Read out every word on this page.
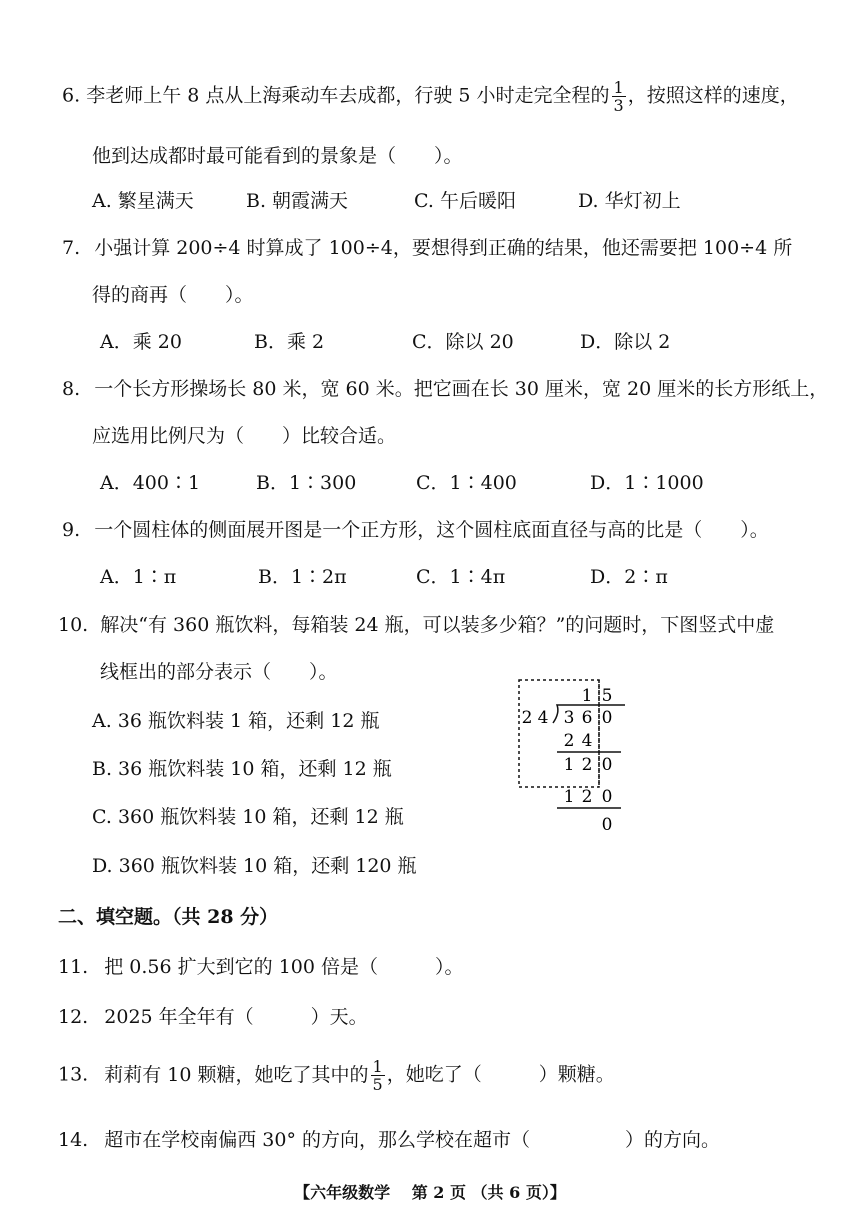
6. 李老师上午 8 点从上海乘动车去成都，行驶 5 小时走完全程的 $\frac{1}{3}$ ，按照这样的速度，
他到达成都时最可能看到的景象是（　　）。
A. 繁星满天	B. 朝霞满天	C. 午后暖阳	D. 华灯初上
7. 小强计算 200÷4 时算成了 100÷4，要想得到正确的结果，他还需要把 100÷4 所
得的商再（　　）。
A．乘 20	B．乘 2	C．除以 20	D．除以 2
8. 一个长方形操场长 80 米，宽 60 米。把它画在长 30 厘米，宽 20 厘米的长方形纸上，
应选用比例尺为（　　）比较合适。
A．400∶1	B．1∶300	C．1∶400	D．1∶1000
9. 一个圆柱体的侧面展开图是一个正方形，这个圆柱底面直径与高的比是（　　）。
A．1∶π	B．1∶2π	C．1∶4π	D．2∶π
10. 解决“有 360 瓶饮料，每箱装 24 瓶，可以装多少箱？”的问题时，下图竖式中虚
线框出的部分表示（　　）。
A. 36 瓶饮料装 1 箱，还剩 12 瓶
B. 36 瓶饮料装 10 箱，还剩 12 瓶
C. 360 瓶饮料装 10 箱，还剩 12 瓶
D. 360 瓶饮料装 10 箱，还剩 120 瓶
1 5
2 4 3 6 0
2 4
1 2 0
1 2 0
0
二、填空题。（共 28 分）
11. 把 0.56 扩大到它的 100 倍是（　　　）。
12. 2025 年全年有（　　　）天。
13. 莉莉有 10 颗糖，她吃了其中的 $\frac{1}{5}$ ，她吃了（　　　）颗糖。
14. 超市在学校南偏西 30° 的方向，那么学校在超市（　　　　　）的方向。
【六年级数学　 第 2 页 （共 6 页）】
